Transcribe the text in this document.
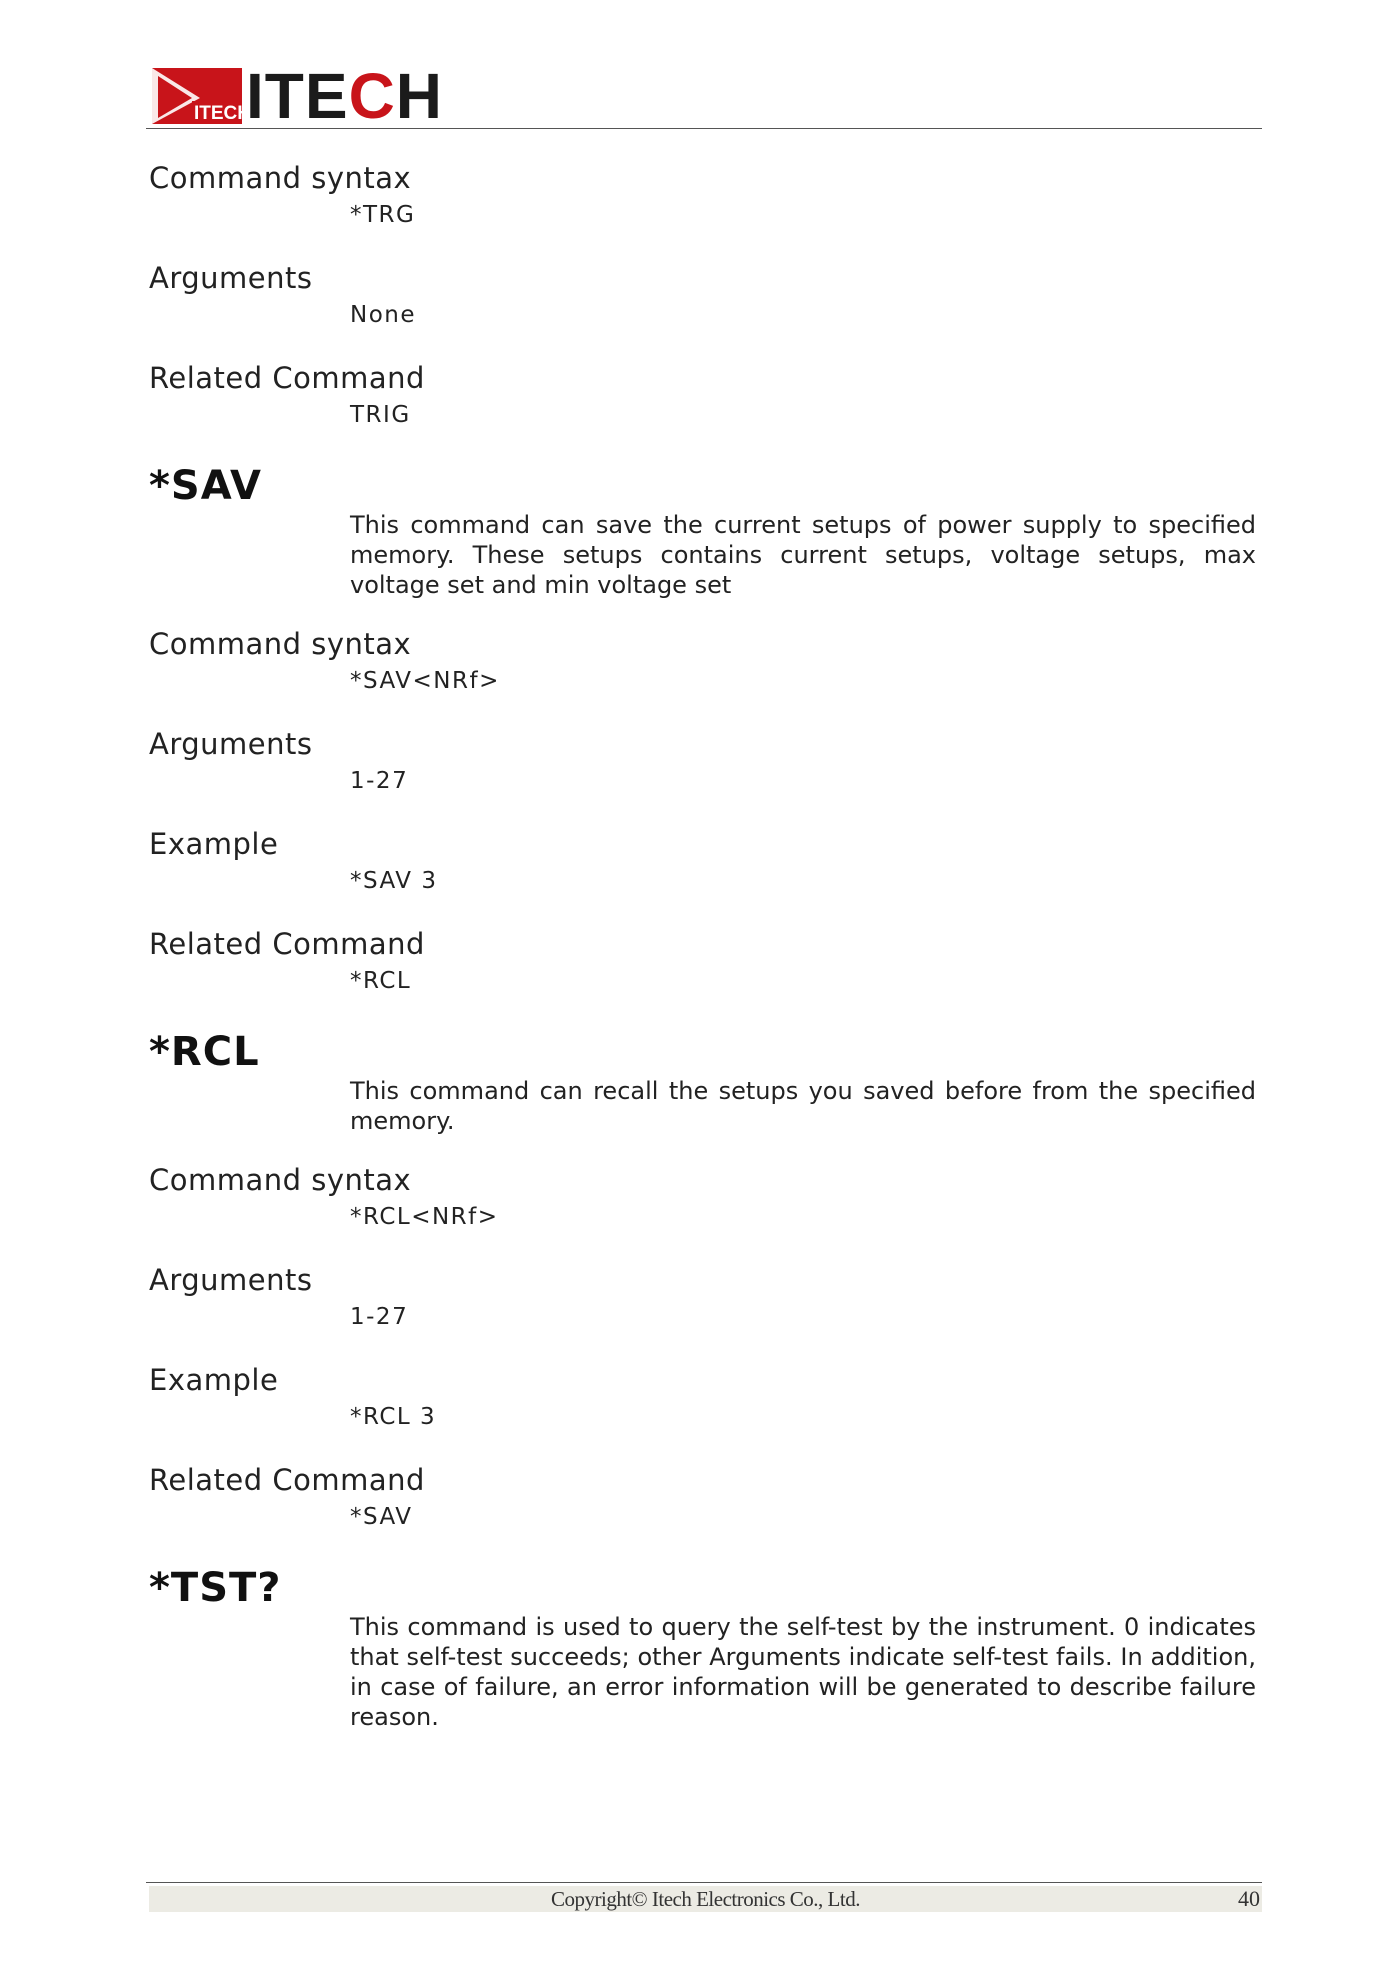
ITECH
ITECH

Command syntax

*TRG

Arguments

None

Related Command

TRIG

*SAV

This command can save the current setups of power supply to specified memory. These setups contains current setups, voltage setups, max voltage set and min voltage set

Command syntax

*SAV<NRf>

Arguments

1-27

Example

*SAV 3

Related Command

*RCL

*RCL

This command can recall the setups you saved before from the specified memory.

Command syntax

*RCL<NRf>

Arguments

1-27

Example

*RCL 3

Related Command

*SAV

*TST?

This command is used to query the self-test by the instrument. 0 indicates that self-test succeeds; other Arguments indicate self-test fails. In addition, in case of failure, an error information will be generated to describe failure reason.

Copyright© Itech Electronics Co., Ltd.	40
